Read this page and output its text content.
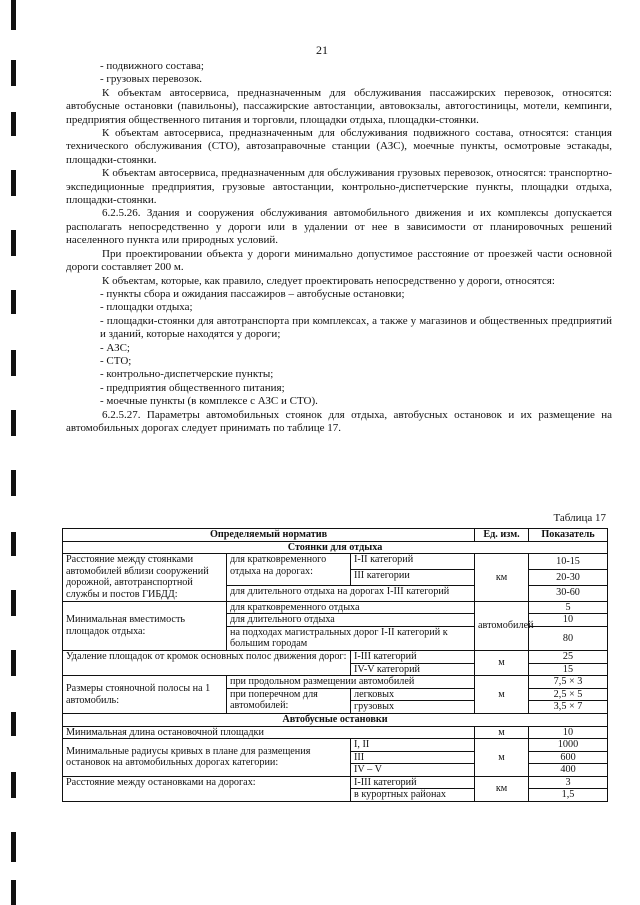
21

- подвижного состава;

- грузовых перевозок.

К объектам автосервиса, предназначенным для обслуживания пассажирских перевозок, относятся: автобусные остановки (павильоны), пассажирские автостанции, автовокзалы, автогостиницы, мотели, кемпинги, предприятия общественного питания и торговли, площадки отдыха, площадки-стоянки.

К объектам автосервиса, предназначенным для обслуживания подвижного состава, относятся: станция технического обслуживания (СТО), автозаправочные станции (АЗС), моечные пункты, осмотровые эстакады, площадки-стоянки.

К объектам автосервиса, предназначенным для обслуживания грузовых перевозок, относятся: транспортно-экспедиционные предприятия, грузовые автостанции, контрольно-диспетчерские пункты, площадки отдыха, площадки-стоянки.

6.2.5.26. Здания и сооружения обслуживания автомобильного движения и их комплексы допускается располагать непосредственно у дороги или в удалении от нее в зависимости от планировочных решений населенного пункта или природных условий.

При проектировании объекта у дороги минимально допустимое расстояние от проезжей части основной дороги составляет 200 м.

К объектам, которые, как правило, следует проектировать непосредственно у дороги, относятся:

- пункты сбора и ожидания пассажиров – автобусные остановки;

- площадки отдыха;

- площадки-стоянки для автотранспорта при комплексах, а также у магазинов и общественных предприятий и зданий, которые находятся у дороги;

- АЗС;

- СТО;

- контрольно-диспетчерские пункты;

- предприятия общественного питания;

- моечные пункты (в комплексе с АЗС и СТО).

6.2.5.27. Параметры автомобильных стоянок для отдыха, автобусных остановок и их размещение на автомобильных дорогах следует принимать по таблице 17.

Таблица 17
Определяемый норматив			Ед. изм.	Показатель
Стоянки для отдыха				
Расстояние между стоянками автомобилей вблизи сооружений дорожной, автотранспортной службы и постов ГИБДД:	для кратковременного отдыха на дорогах:	I-II категорий	км	10-15
		III категории		20-30
	для длительного отдыха на дорогах I-III категорий			30-60
Минимальная вместимость площадок отдыха:	для кратковременного отдыха		автомобилей	5
	для длительного отдыха			10
	на подходах магистральных дорог I-II категорий к большим городам			80
Удаление площадок от кромок основных полос движения дорог:		I-III категорий	м	25
		IV-V категорий		15
Размеры стояночной полосы на 1 автомобиль:	при продольном размещении автомобилей		м	7,5 × 3
	при поперечном для автомобилей:	легковых		2,5 × 5
		грузовых		3,5 × 7
Автобусные остановки				
Минимальная длина остановочной площадки			м	10
Минимальные радиусы кривых в плане для размещения остановок на автомобильных дорогах категории:		I, II	м	1000
		III		600
		IV – V		400
Расстояние между остановками на дорогах:		I-III категорий	км	3
		в курортных районах		1,5
